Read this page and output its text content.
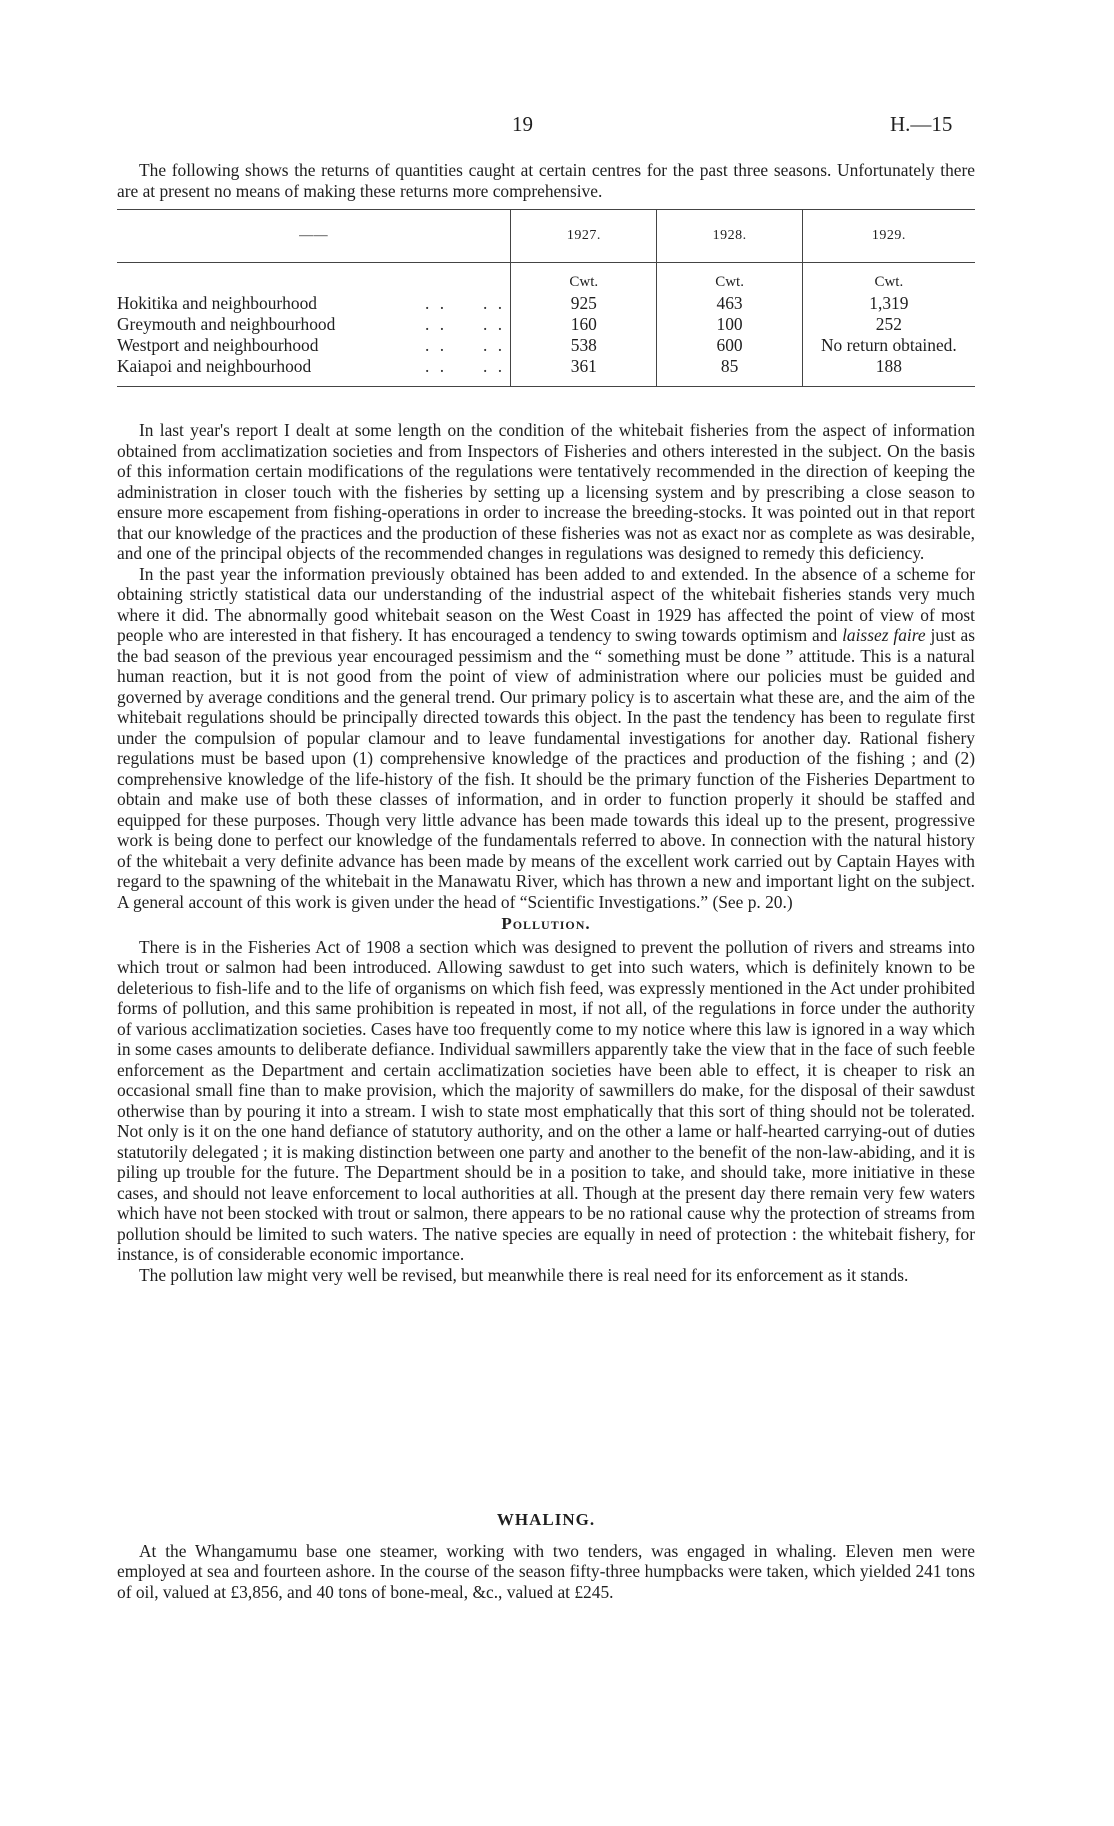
19	H.—15

The following shows the returns of quantities caught at certain centres for the past three seasons. Unfortunately there are at present no means of making these returns more comprehensive.

——	1927.	1928.	1929.
	Cwt.	Cwt.	Cwt.
Hokitika and neighbourhood . . . .	925	463	1,319
Greymouth and neighbourhood . . . .	160	100	252
Westport and neighbourhood . . . .	538	600	No return obtained.
Kaiapoi and neighbourhood . . . .	361	85	188

In last year's report I dealt at some length on the condition of the whitebait fisheries from the aspect of information obtained from acclimatization societies and from Inspectors of Fisheries and others interested in the subject. On the basis of this information certain modifications of the regulations were tentatively recommended in the direction of keeping the administration in closer touch with the fisheries by setting up a licensing system and by prescribing a close season to ensure more escapement from fishing-operations in order to increase the breeding-stocks. It was pointed out in that report that our knowledge of the practices and the production of these fisheries was not as exact nor as complete as was desirable, and one of the principal objects of the recommended changes in regulations was designed to remedy this deficiency.

In the past year the information previously obtained has been added to and extended. In the absence of a scheme for obtaining strictly statistical data our understanding of the industrial aspect of the whitebait fisheries stands very much where it did. The abnormally good whitebait season on the West Coast in 1929 has affected the point of view of most people who are interested in that fishery. It has encouraged a tendency to swing towards optimism and laissez faire just as the bad season of the previous year encouraged pessimism and the “ something must be done ” attitude. This is a natural human reaction, but it is not good from the point of view of administration where our policies must be guided and governed by average conditions and the general trend. Our primary policy is to ascertain what these are, and the aim of the whitebait regulations should be principally directed towards this object. In the past the tendency has been to regulate first under the compulsion of popular clamour and to leave fundamental investigations for another day. Rational fishery regulations must be based upon (1) comprehensive knowledge of the practices and production of the fishing ; and (2) comprehensive knowledge of the life-history of the fish. It should be the primary function of the Fisheries Department to obtain and make use of both these classes of information, and in order to function properly it should be staffed and equipped for these purposes. Though very little advance has been made towards this ideal up to the present, progressive work is being done to perfect our knowledge of the fundamentals referred to above. In connection with the natural history of the whitebait a very definite advance has been made by means of the excellent work carried out by Captain Hayes with regard to the spawning of the whitebait in the Manawatu River, which has thrown a new and important light on the subject. A general account of this work is given under the head of “Scientific Investigations.” (See p. 20.)

Pollution.

There is in the Fisheries Act of 1908 a section which was designed to prevent the pollution of rivers and streams into which trout or salmon had been introduced. Allowing sawdust to get into such waters, which is definitely known to be deleterious to fish-life and to the life of organisms on which fish feed, was expressly mentioned in the Act under prohibited forms of pollution, and this same prohibition is repeated in most, if not all, of the regulations in force under the authority of various acclimatization societies. Cases have too frequently come to my notice where this law is ignored in a way which in some cases amounts to deliberate defiance. Individual sawmillers apparently take the view that in the face of such feeble enforcement as the Department and certain acclimatization societies have been able to effect, it is cheaper to risk an occasional small fine than to make provision, which the majority of sawmillers do make, for the disposal of their sawdust otherwise than by pouring it into a stream. I wish to state most emphatically that this sort of thing should not be tolerated. Not only is it on the one hand defiance of statutory authority, and on the other a lame or half-hearted carrying-out of duties statutorily delegated ; it is making distinction between one party and another to the benefit of the non-law-abiding, and it is piling up trouble for the future. The Department should be in a position to take, and should take, more initiative in these cases, and should not leave enforcement to local authorities at all. Though at the present day there remain very few waters which have not been stocked with trout or salmon, there appears to be no rational cause why the protection of streams from pollution should be limited to such waters. The native species are equally in need of protection : the whitebait fishery, for instance, is of considerable economic importance.

The pollution law might very well be revised, but meanwhile there is real need for its enforcement as it stands.

WHALING.

At the Whangamumu base one steamer, working with two tenders, was engaged in whaling. Eleven men were employed at sea and fourteen ashore. In the course of the season fifty-three humpbacks were taken, which yielded 241 tons of oil, valued at £3,856, and 40 tons of bone-meal, &c., valued at £245.
